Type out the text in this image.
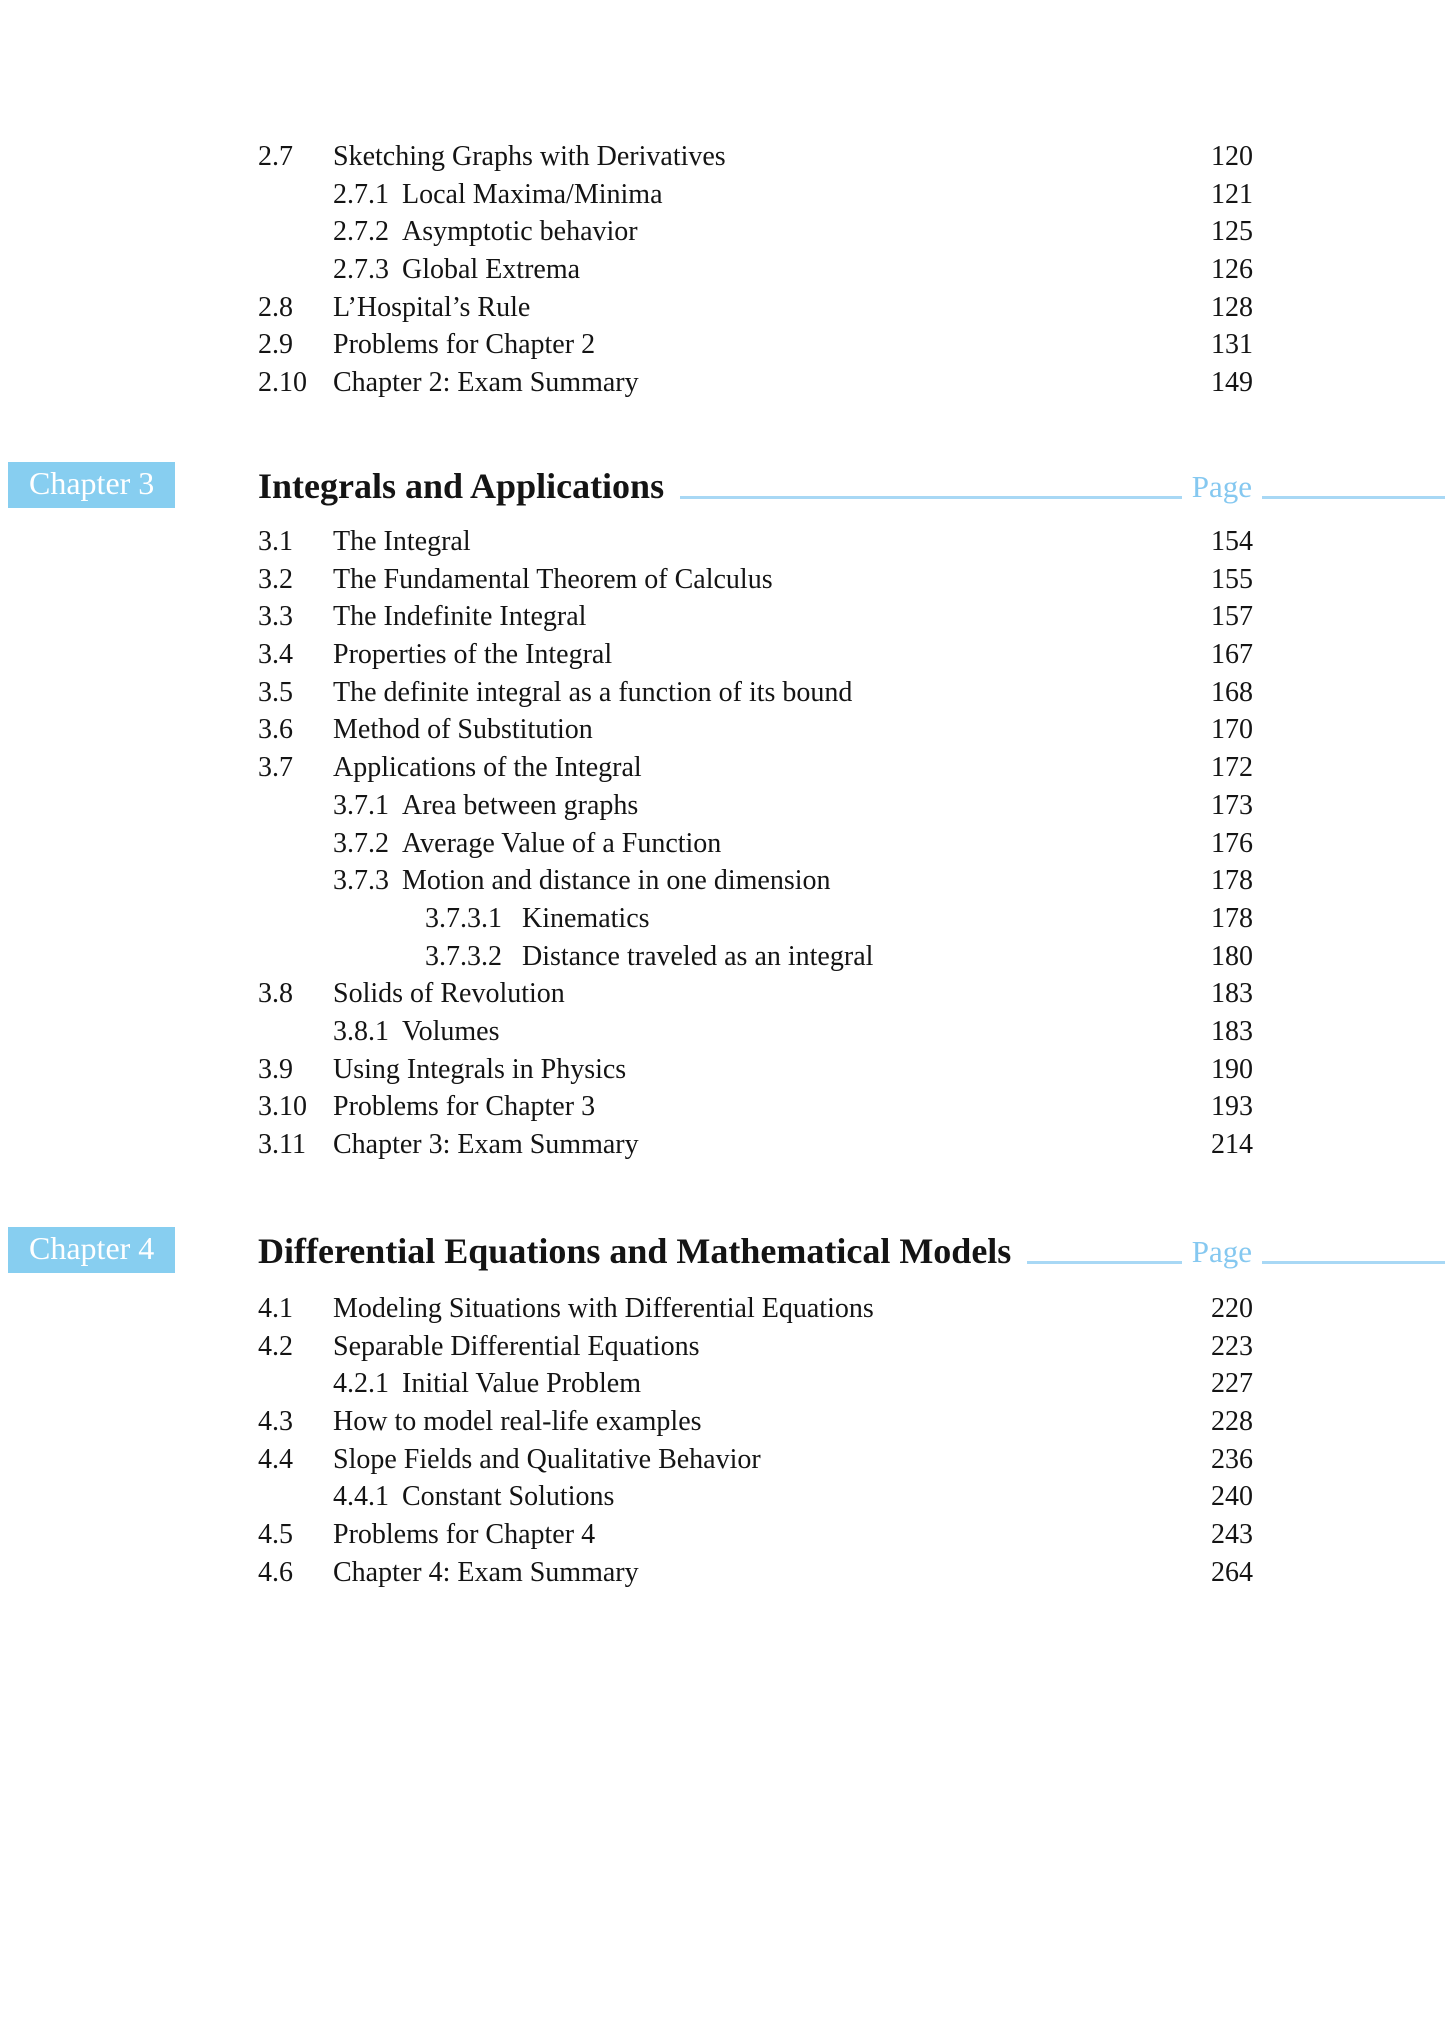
2.7	Sketching Graphs with Derivatives	120
2.7.1 Local Maxima/Minima	121
2.7.2 Asymptotic behavior	125
2.7.3 Global Extrema	126
2.8	L’Hospital’s Rule	128
2.9	Problems for Chapter 2	131
2.10 Chapter 2: Exam Summary	149
Chapter 3	Integrals and Applications	Page
3.1	The Integral	154
3.2	The Fundamental Theorem of Calculus	155
3.3	The Indefinite Integral	157
3.4	Properties of the Integral	167
3.5	The definite integral as a function of its bound	168
3.6	Method of Substitution	170
3.7	Applications of the Integral	172
3.7.1 Area between graphs	173
3.7.2 Average Value of a Function	176
3.7.3 Motion and distance in one dimension	178
3.7.3.1 Kinematics	178
3.7.3.2 Distance traveled as an integral	180
3.8	Solids of Revolution	183
3.8.1 Volumes	183
3.9	Using Integrals in Physics	190
3.10 Problems for Chapter 3	193
3.11 Chapter 3: Exam Summary	214
Chapter 4	Differential Equations and Mathematical Models	Page
4.1	Modeling Situations with Differential Equations	220
4.2	Separable Differential Equations	223
4.2.1 Initial Value Problem	227
4.3	How to model real-life examples	228
4.4	Slope Fields and Qualitative Behavior	236
4.4.1 Constant Solutions	240
4.5	Problems for Chapter 4	243
4.6	Chapter 4: Exam Summary	264
